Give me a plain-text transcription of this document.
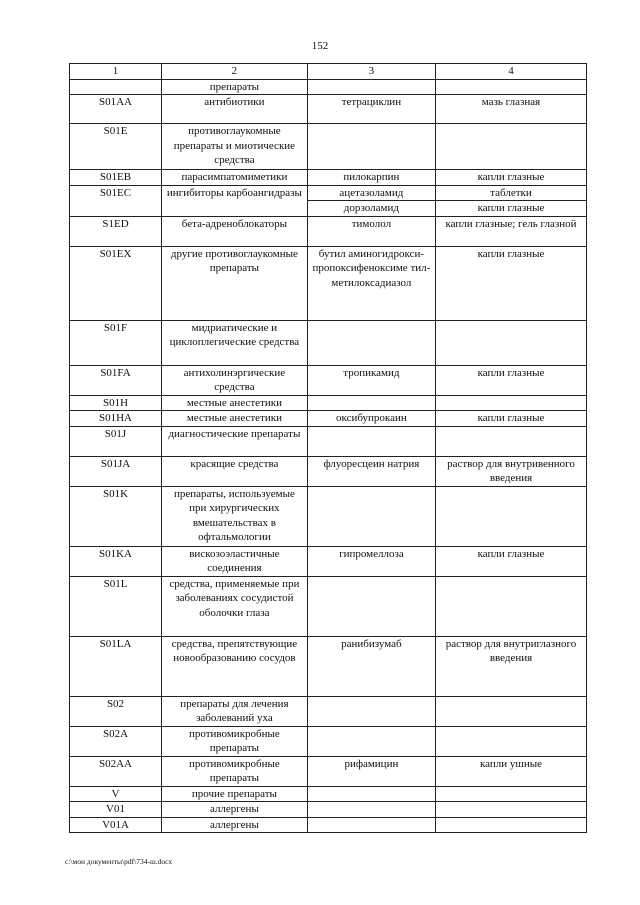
152
1	2	3	4
	препараты		
S01AA	антибиотики	тетрациклин	мазь глазная
S01E	противоглаукомные препараты и миотические средства		
S01EB	парасимпатомиметики	пилокарпин	капли глазные
S01EC	ингибиторы карбоангидразы	ацетазоламид	таблетки
		дорзоламид	капли глазные
S1ED	бета-адреноблокаторы	тимолол	капли глазные; гель глазной
S01EX	другие противоглаукомные препараты	бутил аминогидрокси-пропоксифеноксиме тил-метилоксадиазол	капли глазные
S01F	мидриатические и циклоплегические средства		
S01FA	антихолинэргические средства	тропикамид	капли глазные
S01H	местные анестетики		
S01HA	местные анестетики	оксибупрокаин	капли глазные
S01J	диагностические препараты		
S01JA	красящие средства	флуоресцеин натрия	раствор для внутривенного введения
S01K	препараты, используемые при хирургических вмешательствах в офтальмологии		
S01KA	вискозоэластичные соединения	гипромеллоза	капли глазные
S01L	средства, применяемые при заболеваниях сосудистой оболочки глаза		
S01LA	средства, препятствующие новообразованию сосудов	ранибизумаб	раствор для внутриглазного введения
S02	препараты для лечения заболеваний уха		
S02A	противомикробные препараты		
S02AA	противомикробные препараты	рифамицин	капли ушные
V	прочие препараты		
V01	аллергены		
V01A	аллергены		
c:\мои документы\pdf\734-ш.docx
